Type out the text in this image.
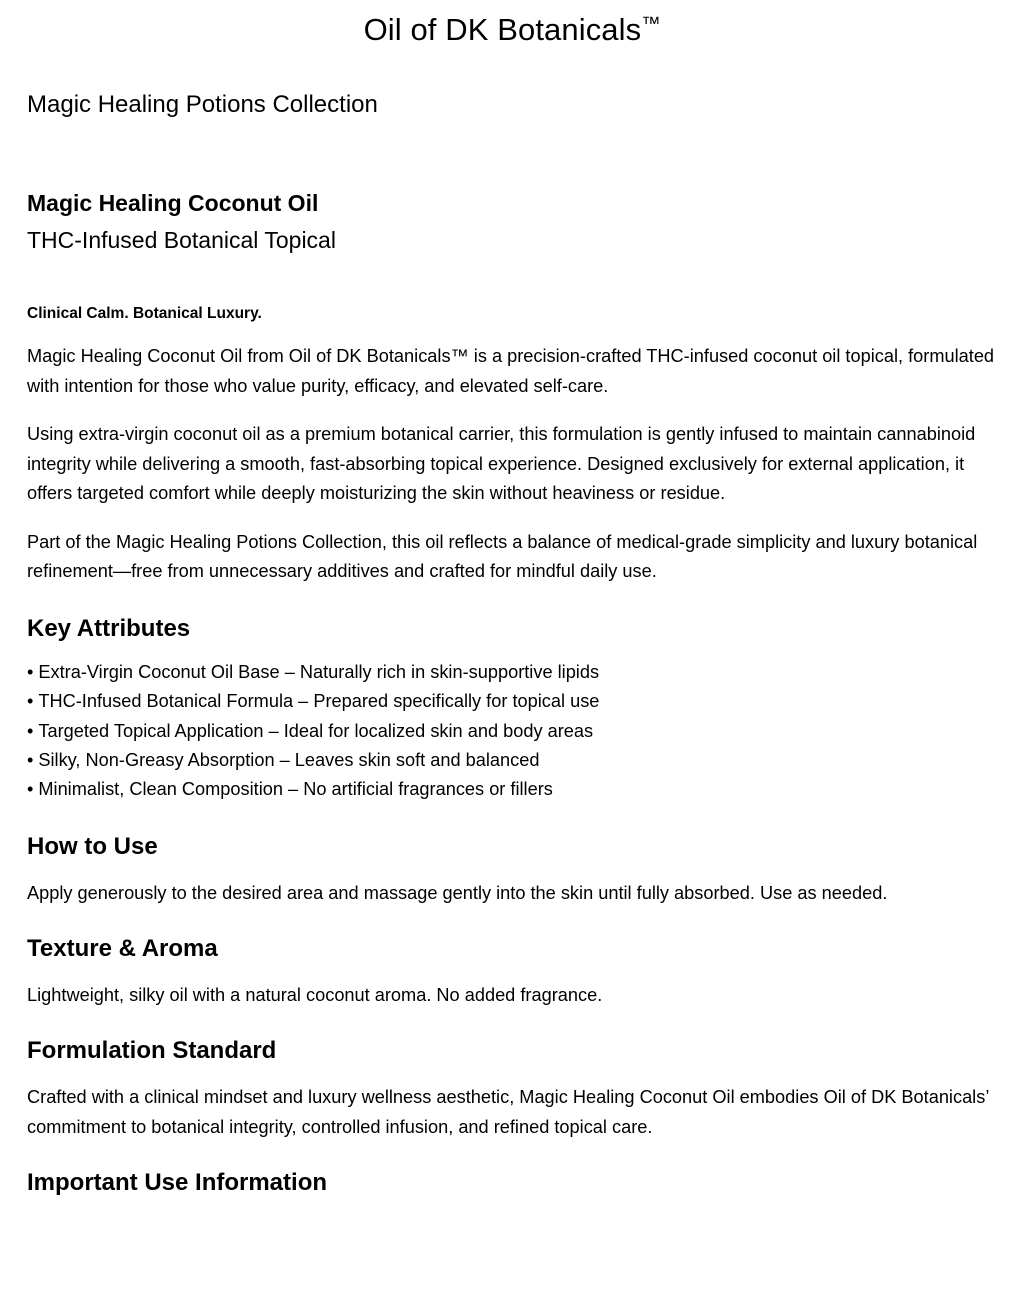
Oil of DK Botanicals™

Magic Healing Potions Collection

Magic Healing Coconut Oil

THC-Infused Botanical Topical

Clinical Calm. Botanical Luxury.

Magic Healing Coconut Oil from Oil of DK Botanicals™ is a precision-crafted THC-infused coconut oil topical, formulated with intention for those who value purity, efficacy, and elevated self-care.

Using extra-virgin coconut oil as a premium botanical carrier, this formulation is gently infused to maintain cannabinoid integrity while delivering a smooth, fast-absorbing topical experience. Designed exclusively for external application, it offers targeted comfort while deeply moisturizing the skin without heaviness or residue.

Part of the Magic Healing Potions Collection, this oil reflects a balance of medical-grade simplicity and luxury botanical refinement—free from unnecessary additives and crafted for mindful daily use.

Key Attributes
• Extra-Virgin Coconut Oil Base – Naturally rich in skin-supportive lipids
• THC-Infused Botanical Formula – Prepared specifically for topical use
• Targeted Topical Application – Ideal for localized skin and body areas
• Silky, Non-Greasy Absorption – Leaves skin soft and balanced
• Minimalist, Clean Composition – No artificial fragrances or fillers
How to Use

Apply generously to the desired area and massage gently into the skin until fully absorbed. Use as needed.

Texture & Aroma

Lightweight, silky oil with a natural coconut aroma. No added fragrance.

Formulation Standard

Crafted with a clinical mindset and luxury wellness aesthetic, Magic Healing Coconut Oil embodies Oil of DK Botanicals’ commitment to botanical integrity, controlled infusion, and refined topical care.

Important Use Information
